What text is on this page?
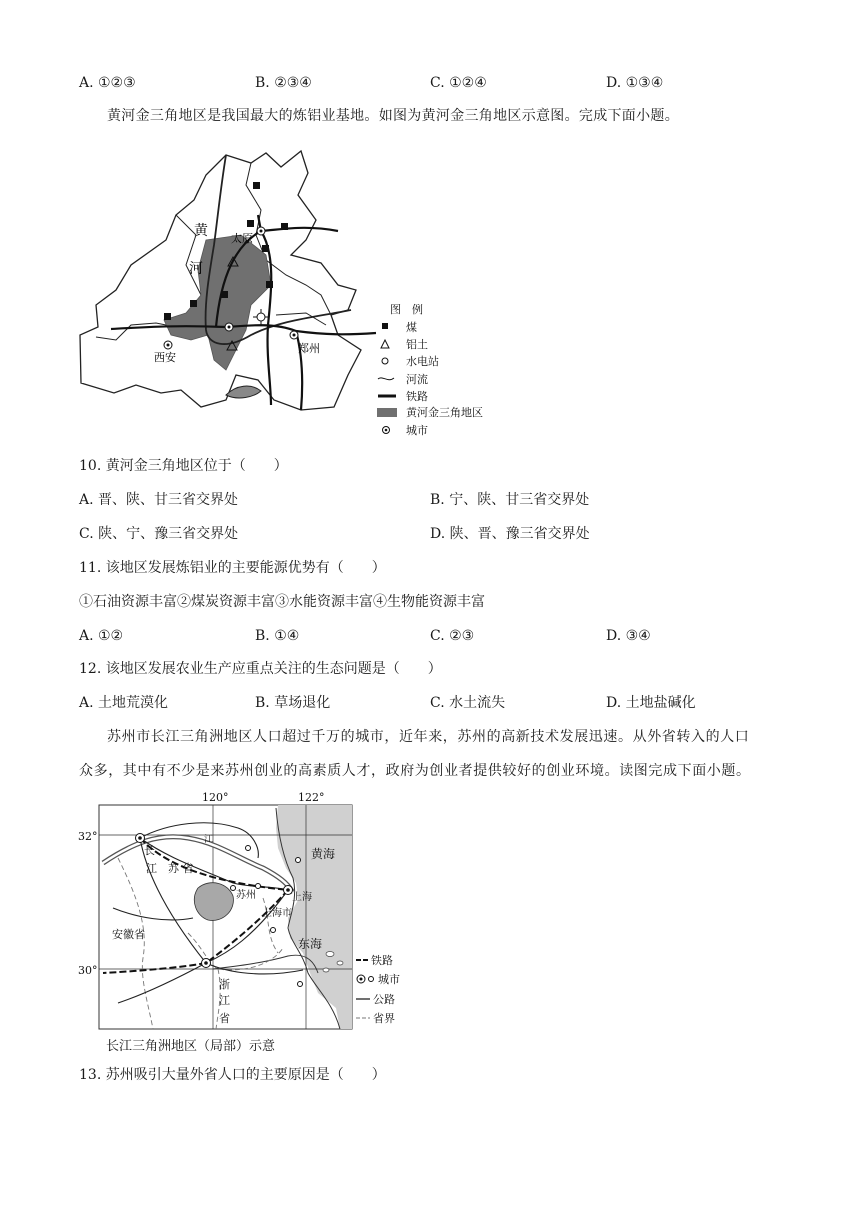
A. ①②③	B. ②③④	C. ①②④	D. ①③④
黄河金三角地区是我国最大的炼铝业基地。如图为黄河金三角地区示意图。完成下面小题。
黄
河
太原
西安
郑州
图　例
煤
铝土
水电站
河流
铁路
黄河金三角地区
城市
10. 黄河金三角地区位于（　　）
A. 晋、陕、甘三省交界处	B. 宁、陕、甘三省交界处
C. 陕、宁、豫三省交界处	D. 陕、晋、豫三省交界处
11. 该地区发展炼铝业的主要能源优势有（　　）
①石油资源丰富②煤炭资源丰富③水能资源丰富④生物能资源丰富
A. ①②	B. ①④	C. ②③	D. ③④
12. 该地区发展农业生产应重点关注的生态问题是（　　）
A. 土地荒漠化	B. 草场退化	C. 水土流失	D. 土地盐碱化
苏州市长江三角洲地区人口超过千万的城市，近年来，苏州的高新技术发展迅速。从外省转入的人口
众多，其中有不少是来苏州创业的高素质人才，政府为创业者提供较好的创业环境。读图完成下面小题。
120°	122°
32°
30°
长
江
江　苏 省
黄海
苏州	上海
上海市
安徽省
东海
浙
江
省
铁路
城市
公路
省界
长江三角洲地区（局部）示意
13. 苏州吸引大量外省人口的主要原因是（　　）
